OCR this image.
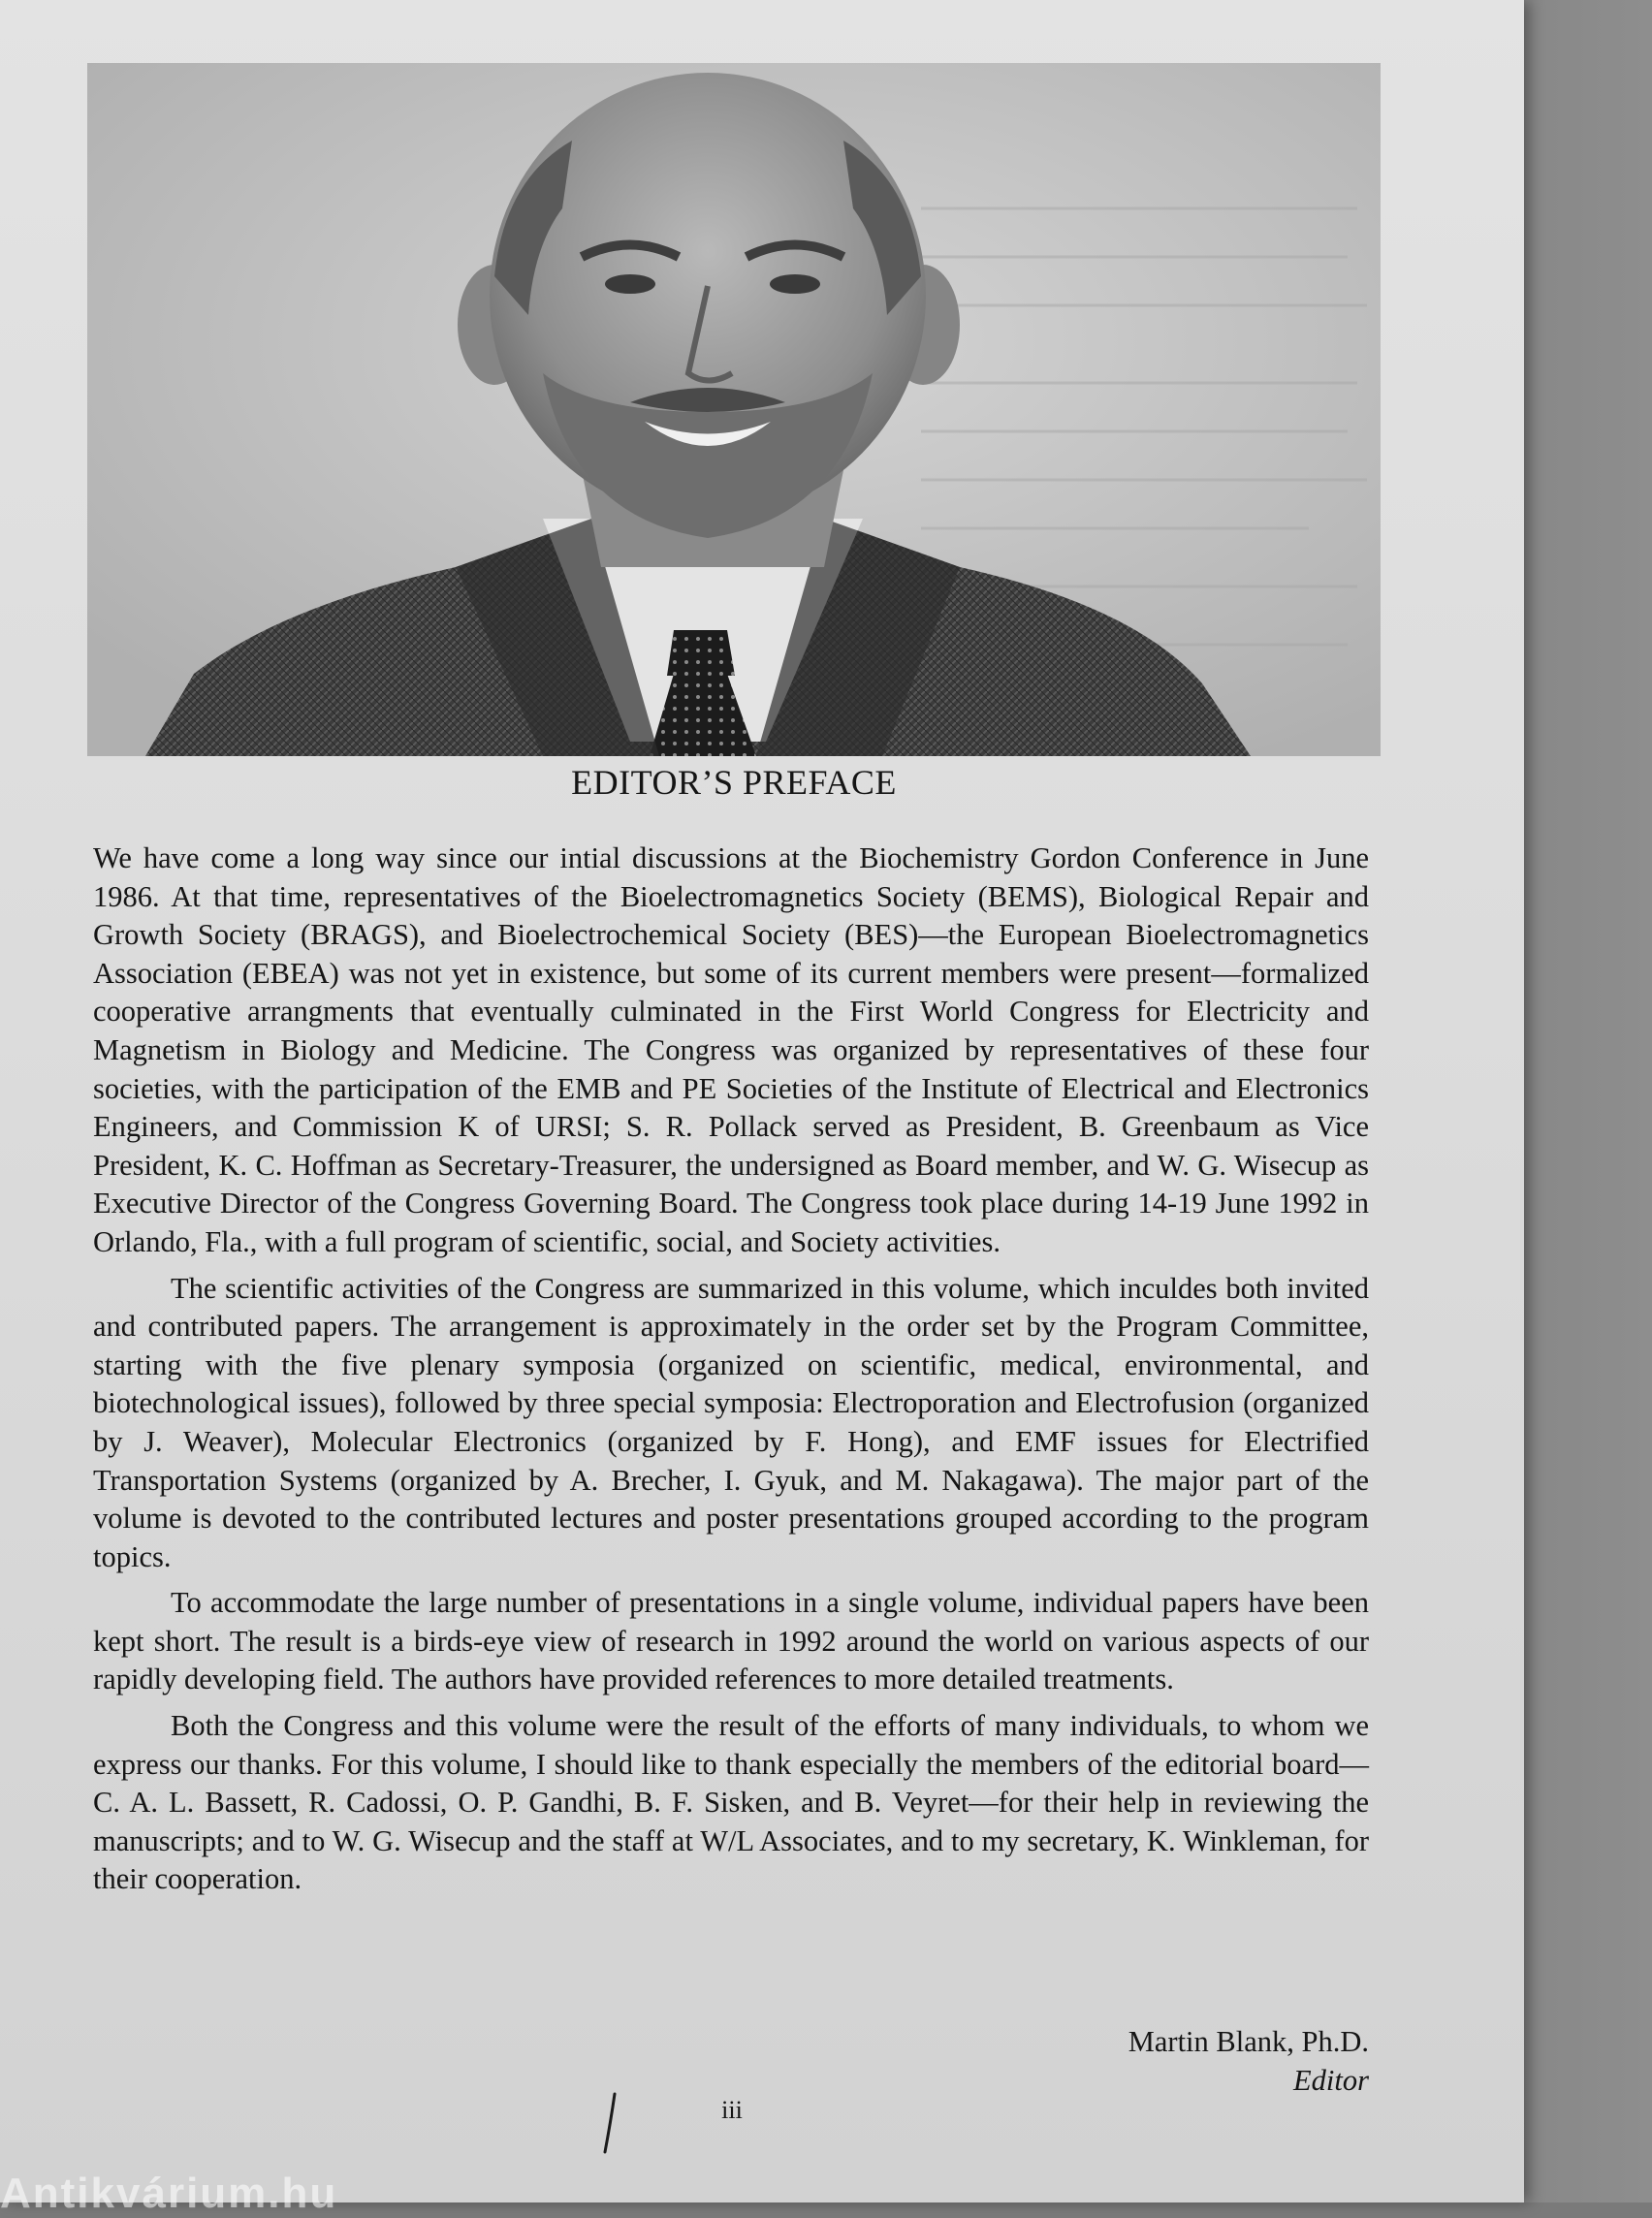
EDITOR’S PREFACE

We have come a long way since our intial discussions at the Biochemistry Gordon Conference in June 1986. At that time, representatives of the Bioelectromagnetics Society (BEMS), Biological Repair and Growth Society (BRAGS), and Bioelectrochemical Society (BES)—the European Bioelectromagnetics Association (EBEA) was not yet in existence, but some of its current members were present—formalized cooperative arrangments that eventually culminated in the First World Congress for Electricity and Magnetism in Biology and Medicine. The Congress was organized by representatives of these four societies, with the participation of the EMB and PE Societies of the Institute of Electrical and Electronics Engineers, and Commission K of URSI; S. R. Pollack served as President, B. Greenbaum as Vice President, K. C. Hoffman as Secretary-Treasurer, the undersigned as Board member, and W. G. Wisecup as Executive Director of the Congress Governing Board. The Congress took place during 14-19 June 1992 in Orlando, Fla., with a full program of scientific, social, and Society activities.

The scientific activities of the Congress are summarized in this volume, which inculdes both invited and contributed papers. The arrangement is approximately in the order set by the Program Committee, starting with the five plenary symposia (organized on scientific, medical, environmental, and biotechnological issues), followed by three special symposia: Electroporation and Electrofusion (organized by J. Weaver), Molecular Electronics (organized by F. Hong), and EMF issues for Electrified Transportation Systems (organized by A. Brecher, I. Gyuk, and M. Nakagawa). The major part of the volume is devoted to the contributed lectures and poster presentations grouped according to the program topics.

To accommodate the large number of presentations in a single volume, individual papers have been kept short. The result is a birds-eye view of research in 1992 around the world on various aspects of our rapidly developing field. The authors have provided references to more detailed treatments.

Both the Congress and this volume were the result of the efforts of many individuals, to whom we express our thanks. For this volume, I should like to thank especially the members of the editorial board—C. A. L. Bassett, R. Cadossi, O. P. Gandhi, B. F. Sisken, and B. Veyret—for their help in reviewing the manuscripts; and to W. G. Wisecup and the staff at W/L Associates, and to my secretary, K. Winkleman, for their cooperation.

Martin Blank, Ph.D.
Editor
iii
Antikvárium.hu
